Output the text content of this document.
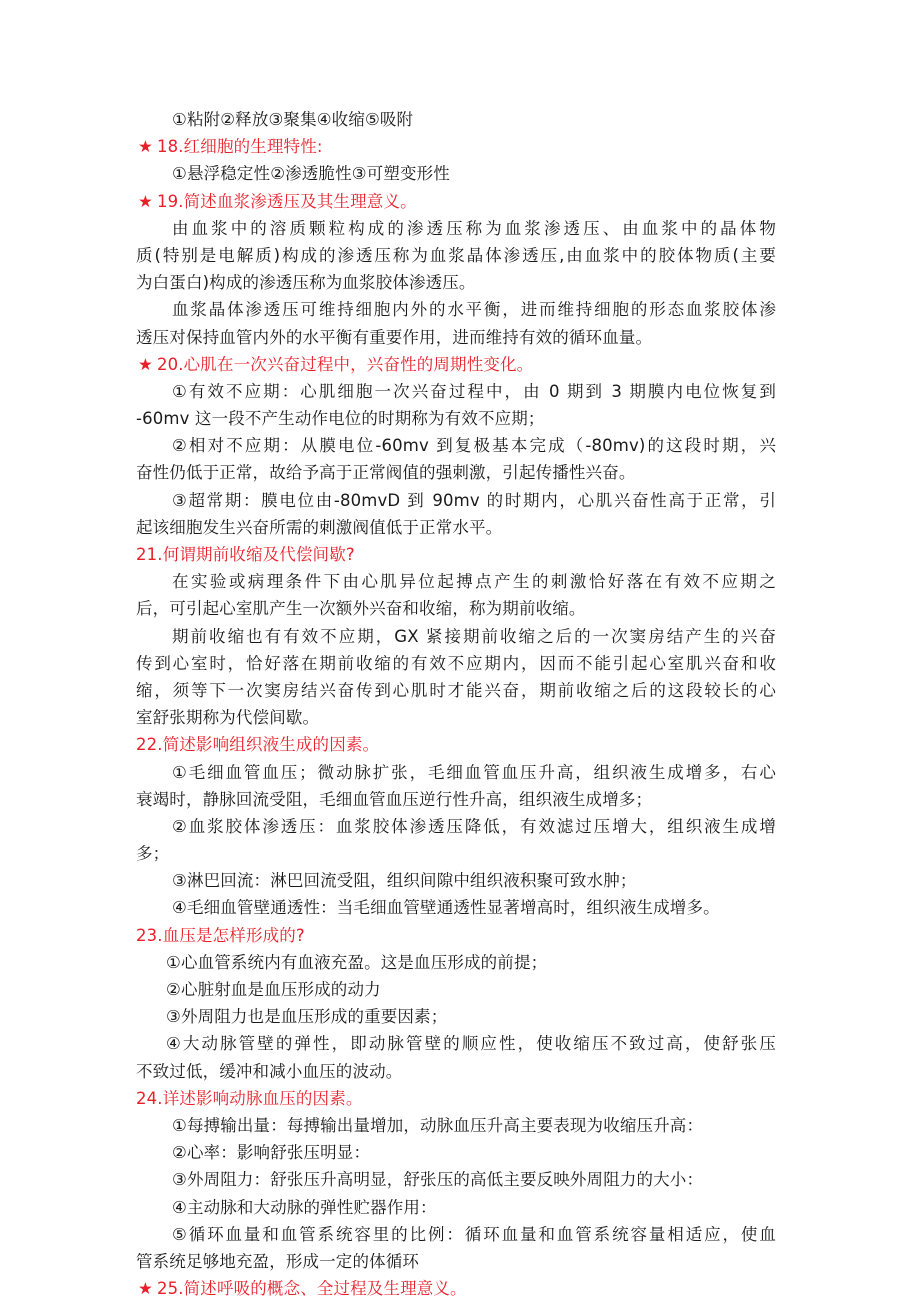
①粘附②释放③聚集④收缩⑤吸附
★ 18.红细胞的生理特性:
①悬浮稳定性②渗透脆性③可塑变形性
★ 19.简述血浆渗透压及其生理意义。
由血浆中的溶质颗粒构成的渗透压称为血浆渗透压、由血浆中的晶体物
质(特别是电解质)构成的渗透压称为血浆晶体渗透压,由血浆中的胶体物质(主要
为白蛋白)构成的渗透压称为血浆胶体渗透压。
血浆晶体渗透压可维持细胞内外的水平衡，进而维持细胞的形态血浆胶体渗
透压对保持血管内外的水平衡有重要作用，进而维持有效的循环血量。
★ 20.心肌在一次兴奋过程中，兴奋性的周期性变化。
①有效不应期：心肌细胞一次兴奋过程中，由 0 期到 3 期膜内电位恢复到
-60mv 这一段不产生动作电位的时期称为有效不应期；
②相对不应期：从膜电位-60mv 到复极基本完成（-80mv)的这段时期，兴
奋性仍低于正常，故给予高于正常阀值的强刺激，引起传播性兴奋。
③超常期：膜电位由-80mvD 到 90mv 的时期内，心肌兴奋性高于正常，引
起该细胞发生兴奋所需的刺激阀值低于正常水平。
21.何谓期前收缩及代偿间歇?
在实验或病理条件下由心肌异位起搏点产生的刺激恰好落在有效不应期之
后，可引起心室肌产生一次额外兴奋和收缩，称为期前收缩。
期前收缩也有有效不应期，GX 紧接期前收缩之后的一次窦房结产生的兴奋
传到心室时，恰好落在期前收缩的有效不应期内，因而不能引起心室肌兴奋和收
缩，须等下一次窦房结兴奋传到心肌时才能兴奋，期前收缩之后的这段较长的心
室舒张期称为代偿间歇。
22.简述影响组织液生成的因素。
①毛细血管血压；微动脉扩张，毛细血管血压升高，组织液生成增多，右心
衰竭时，静脉回流受阻，毛细血管血压逆行性升高，组织液生成增多；
②血浆胶体渗透压：血浆胶体渗透压降低，有效滤过压增大，组织液生成增
多；
③淋巴回流：淋巴回流受阻，组织间隙中组织液积聚可致水肿；
④毛细血管壁通透性：当毛细血管壁通透性显著增高时，组织液生成增多。
23.血压是怎样形成的?
①心血管系统内有血液充盈。这是血压形成的前提；
②心脏射血是血压形成的动力
③外周阻力也是血压形成的重要因素；
④大动脉管壁的弹性，即动脉管壁的顺应性，使收缩压不致过高，使舒张压
不致过低，缓冲和减小血压的波动。
24.详述影响动脉血压的因素。
①每搏输出量：每搏输出量增加，动脉血压升高主要表现为收缩压升高：
②心率：影响舒张压明显：
③外周阻力：舒张压升高明显，舒张压的高低主要反映外周阻力的大小：
④主动脉和大动脉的弹性贮器作用：
⑤循环血量和血管系统容里的比例：循环血量和血管系统容量相适应，使血
管系统足够地充盈，形成一定的体循环
★ 25.简述呼吸的概念、全过程及生理意义。
